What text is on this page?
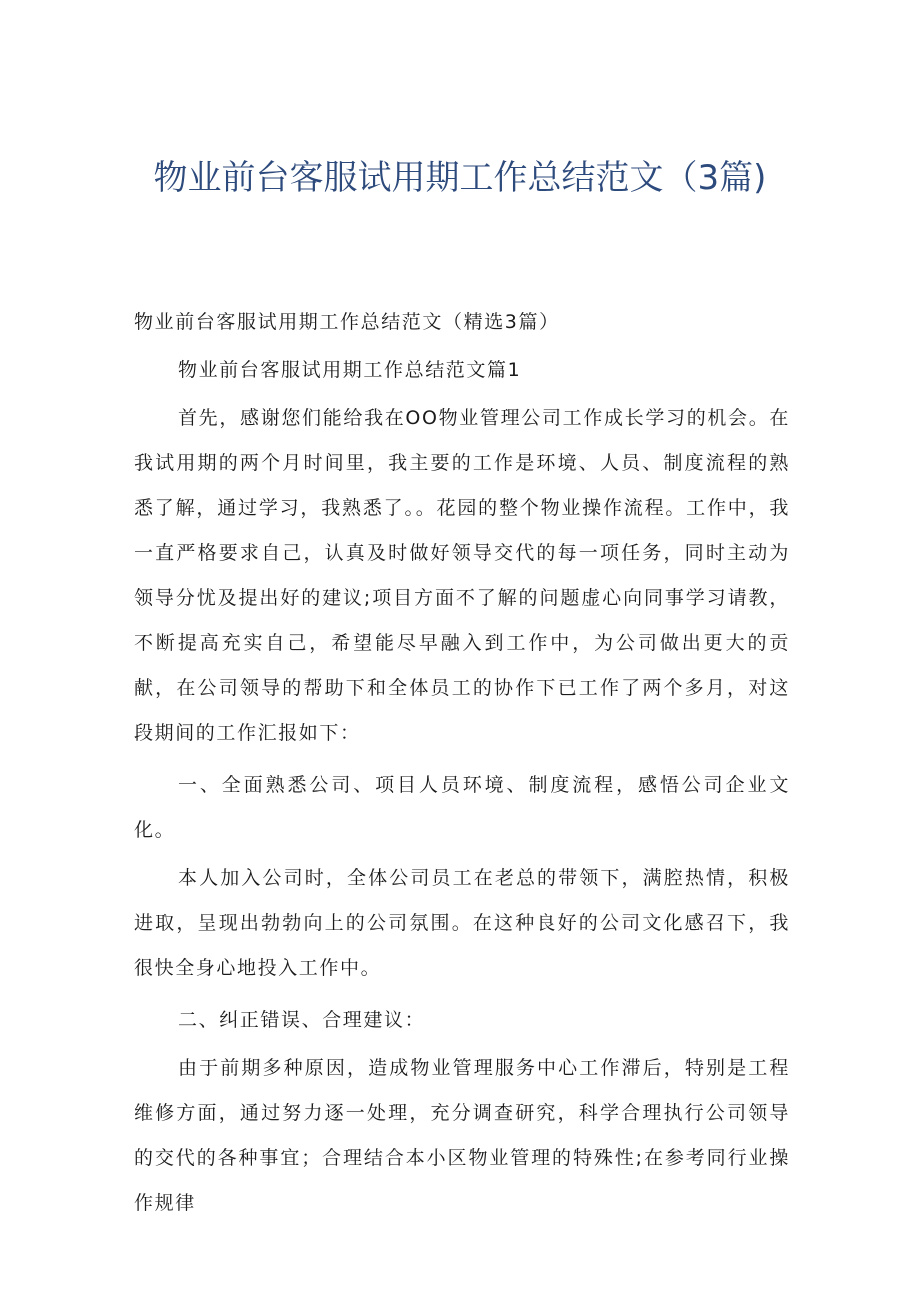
物业前台客服试用期工作总结范文（3篇)

物业前台客服试用期工作总结范文（精选3篇）

物业前台客服试用期工作总结范文篇1

首先，感谢您们能给我在OO物业管理公司工作成长学习的机会。在我试用期的两个月时间里，我主要的工作是环境、人员、制度流程的熟悉了解，通过学习，我熟悉了。。花园的整个物业操作流程。工作中，我一直严格要求自己，认真及时做好领导交代的每一项任务，同时主动为领导分忧及提出好的建议;项目方面不了解的问题虚心向同事学习请教，不断提高充实自己，希望能尽早融入到工作中，为公司做出更大的贡献，在公司领导的帮助下和全体员工的协作下已工作了两个多月，对这段期间的工作汇报如下：

一、全面熟悉公司、项目人员环境、制度流程，感悟公司企业文化。

本人加入公司时，全体公司员工在老总的带领下，满腔热情，积极进取，呈现出勃勃向上的公司氛围。在这种良好的公司文化感召下，我很快全身心地投入工作中。

二、纠正错误、合理建议：

由于前期多种原因，造成物业管理服务中心工作滞后，特别是工程维修方面，通过努力逐一处理，充分调查研究，科学合理执行公司领导的交代的各种事宜；合理结合本小区物业管理的特殊性;在参考同行业操作规律
